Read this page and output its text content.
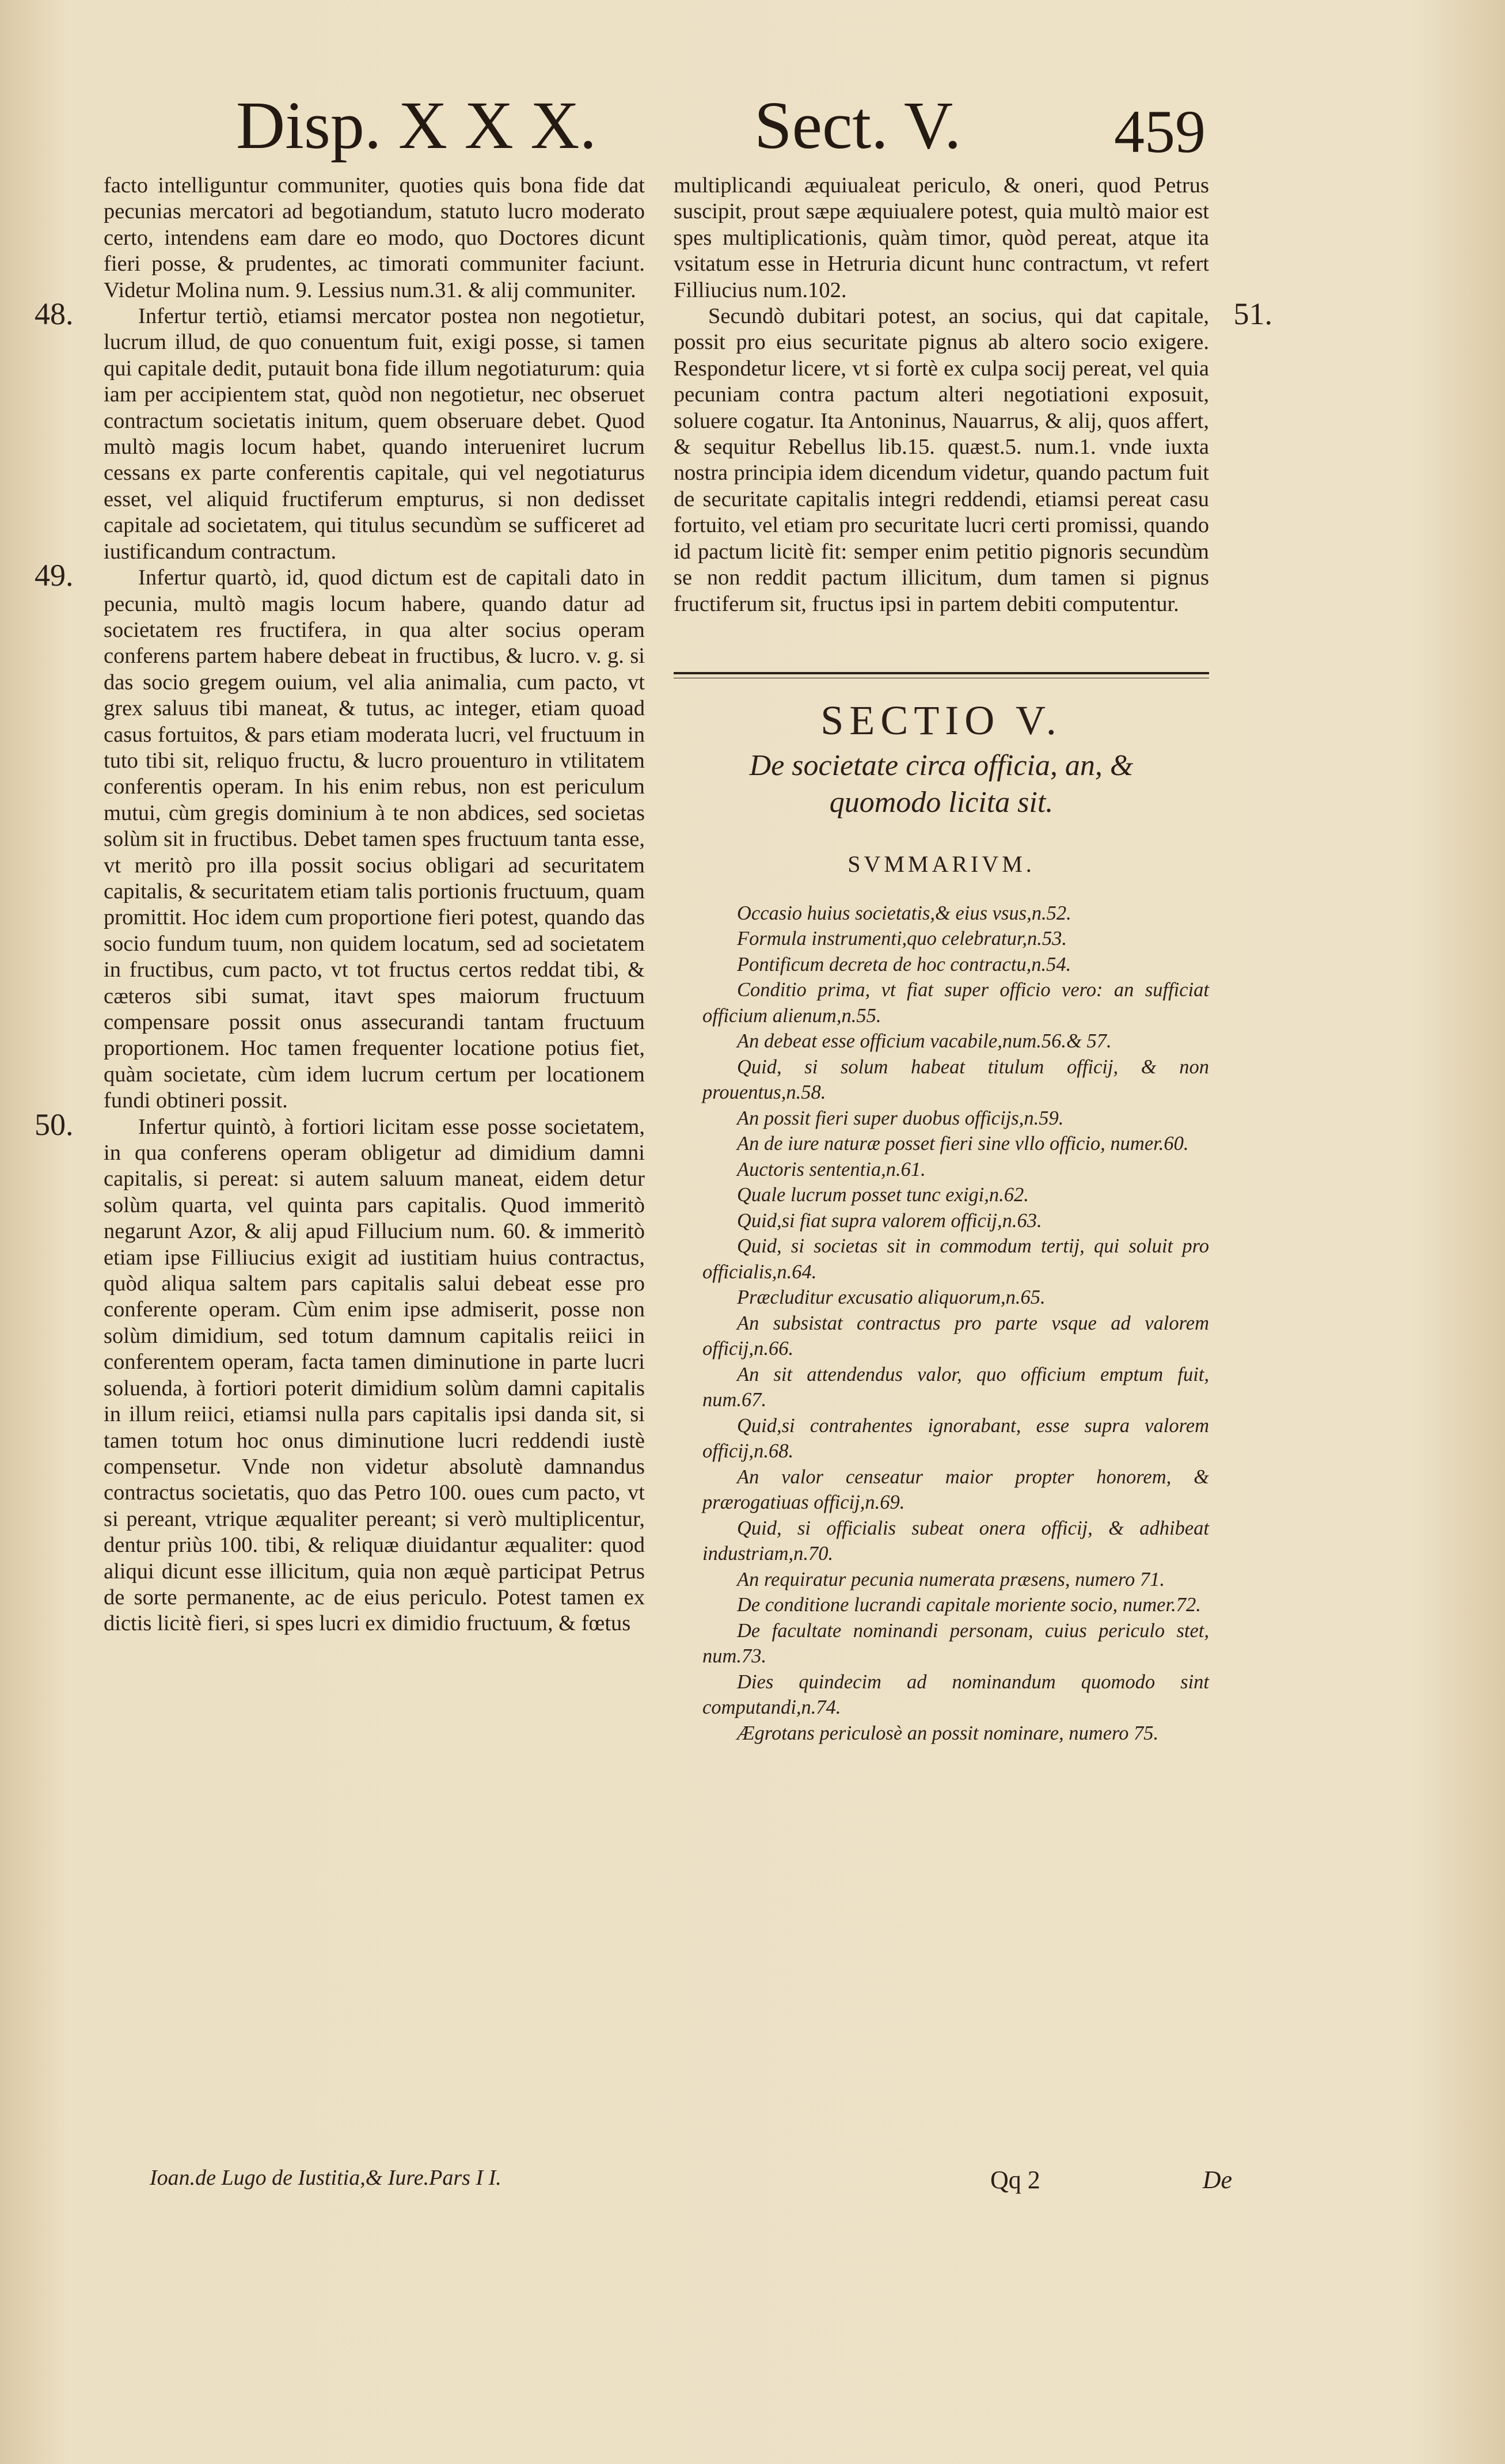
Disp. X X X. Sect. V.	459

facto intelliguntur communiter, quoties quis bona fide dat pecunias mercatori ad begotiandum, statuto lucro moderato certo, intendens eam dare eo modo, quo Doctores dicunt fieri posse, & prudentes, ac timorati communiter faciunt. Videtur Molina num. 9. Lessius num.31. & alij communiter.

48.	Infertur tertiò, etiamsi mercator postea non negotietur, lucrum illud, de quo conuentum fuit, exigi posse, si tamen qui capitale dedit, putauit bona fide illum negotiaturum: quia iam per accipientem stat, quòd non negotietur, nec obseruet contractum societatis initum, quem obseruare debet. Quod multò magis locum habet, quando interueniret lucrum cessans ex parte conferentis capitale, qui vel negotiaturus esset, vel aliquid fructiferum empturus, si non dedisset capitale ad societatem, qui titulus secundùm se sufficeret ad iustificandum contractum.

49.	Infertur quartò, id, quod dictum est de capitali dato in pecunia, multò magis locum habere, quando datur ad societatem res fructifera, in qua alter socius operam conferens partem habere debeat in fructibus, & lucro. v. g. si das socio gregem ouium, vel alia animalia, cum pacto, vt grex saluus tibi maneat, & tutus, ac integer, etiam quoad casus fortuitos, & pars etiam moderata lucri, vel fructuum in tuto tibi sit, reliquo fructu, & lucro prouenturo in vtilitatem conferentis operam. In his enim rebus, non est periculum mutui, cùm gregis dominium à te non abdices, sed societas solùm sit in fructibus. Debet tamen spes fructuum tanta esse, vt meritò pro illa possit socius obligari ad securitatem capitalis, & securitatem etiam talis portionis fructuum, quam promittit. Hoc idem cum proportione fieri potest, quando das socio fundum tuum, non quidem locatum, sed ad societatem in fructibus, cum pacto, vt tot fructus certos reddat tibi, & cæteros sibi sumat, itavt spes maiorum fructuum compensare possit onus assecurandi tantam fructuum proportionem. Hoc tamen frequenter locatione potius fiet, quàm societate, cùm idem lucrum certum per locationem fundi obtineri possit.

50.	Infertur quintò, à fortiori licitam esse posse societatem, in qua conferens operam obligetur ad dimidium damni capitalis, si pereat: si autem saluum maneat, eidem detur solùm quarta, vel quinta pars capitalis. Quod immeritò negarunt Azor, & alij apud Fillucium num. 60. & immeritò etiam ipse Filliucius exigit ad iustitiam huius contractus, quòd aliqua saltem pars capitalis salui debeat esse pro conferente operam. Cùm enim ipse admiserit, posse non solùm dimidium, sed totum damnum capitalis reiici in conferentem operam, facta tamen diminutione in parte lucri soluenda, à fortiori poterit dimidium solùm damni capitalis in illum reiici, etiamsi nulla pars capitalis ipsi danda sit, si tamen totum hoc onus diminutione lucri reddendi iustè compensetur. Vnde non videtur absolutè damnandus contractus societatis, quo das Petro 100. oues cum pacto, vt si pereant, vtrique æqualiter pereant; si verò multiplicentur, dentur priùs 100. tibi, & reliquæ diuidantur æqualiter: quod aliqui dicunt esse illicitum, quia non æquè participat Petrus de sorte permanente, ac de eius periculo. Potest tamen ex dictis licitè fieri, si spes lucri ex dimidio fructuum, & fœtus

Ioan.de Lugo de Iustitia,& Iure.Pars I I.

multiplicandi æquiualeat periculo, & oneri, quod Petrus suscipit, prout sæpe æquiualere potest, quia multò maior est spes multiplicationis, quàm timor, quòd pereat, atque ita vsitatum esse in Hetruria dicunt hunc contractum, vt refert Filliucius num.102.

51.

Secundò dubitari potest, an socius, qui dat capitale, possit pro eius securitate pignus ab altero socio exigere. Respondetur licere, vt si fortè ex culpa socij pereat, vel quia pecuniam contra pactum alteri negotiationi exposuit, soluere cogatur. Ita Antoninus, Nauarrus, & alij, quos affert, & sequitur Rebellus lib.15. quæst.5. num.1. vnde iuxta nostra principia idem dicendum videtur, quando pactum fuit de securitate capitalis integri reddendi, etiamsi pereat casu fortuito, vel etiam pro securitate lucri certi promissi, quando id pactum licitè fit: semper enim petitio pignoris secundùm se non reddit pactum illicitum, dum tamen si pignus fructiferum sit, fructus ipsi in partem debiti computentur.

SECTIO V.
De societate circa officia, an, & quomodo licita sit.
SVMMARIVM.

Occasio huius societatis,& eius vsus,n.52.

Formula instrumenti,quo celebratur,n.53.

Pontificum decreta de hoc contractu,n.54.

Conditio prima, vt fiat super officio vero: an sufficiat officium alienum,n.55.

An debeat esse officium vacabile,num.56.& 57.

Quid, si solum habeat titulum officij, & non prouentus,n.58.

An possit fieri super duobus officijs,n.59.

An de iure naturæ posset fieri sine vllo officio, numer.60.

Auctoris sententia,n.61.

Quale lucrum posset tunc exigi,n.62.

Quid,si fiat supra valorem officij,n.63.

Quid, si societas sit in commodum tertij, qui soluit pro officialis,n.64.

Præcluditur excusatio aliquorum,n.65.

An subsistat contractus pro parte vsque ad valorem officij,n.66.

An sit attendendus valor, quo officium emptum fuit, num.67.

Quid,si contrahentes ignorabant, esse supra valorem officij,n.68.

An valor censeatur maior propter honorem, & prærogatiuas officij,n.69.

Quid, si officialis subeat onera officij, & adhibeat industriam,n.70.

An requiratur pecunia numerata præsens, numero 71.

De conditione lucrandi capitale moriente socio, numer.72.

De facultate nominandi personam, cuius periculo stet, num.73.

Dies quindecim ad nominandum quomodo sint computandi,n.74.

Ægrotans periculosè an possit nominare, numero 75.

Qq 2	De
